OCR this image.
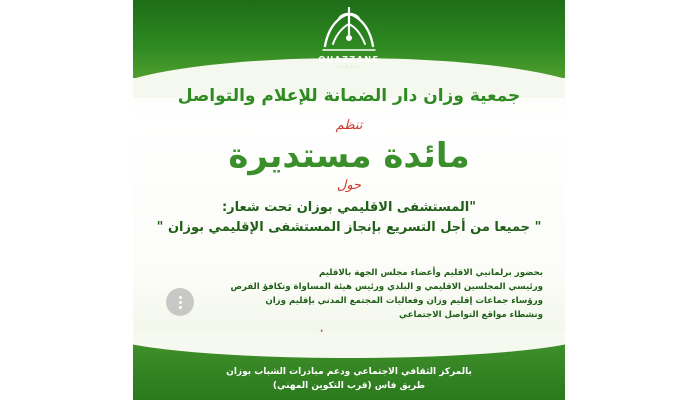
OUAZZANE
ⴰⵡⵣⵣⴰⵏ
جمعية وزان دار الضمانة للإعلام والتواصل
تنظم
مائدة مستديرة
حول
"المستشفى الاقليمي بوزان تحت شعار:
" جميعا من أجل التسريع بإنجاز المستشفى الإقليمي بوزان "
بحضور برلمانيي الاقليم وأعضاء مجلس الجهة بالاقليم
ورئيسي المجلسين الاقليمي و البلدي ورئيس هيئة المساواة وتكافؤ الفرص
ورؤساء جماعات إقليم وزان وفعاليات المجتمع المدني بإقليم وزان
ونشطاء مواقع التواصل الاجتماعي
بالمركز الثقافي الاجتماعي ودعم مبادرات الشباب بوزان
طريق فاس (قرب التكوين المهني)
